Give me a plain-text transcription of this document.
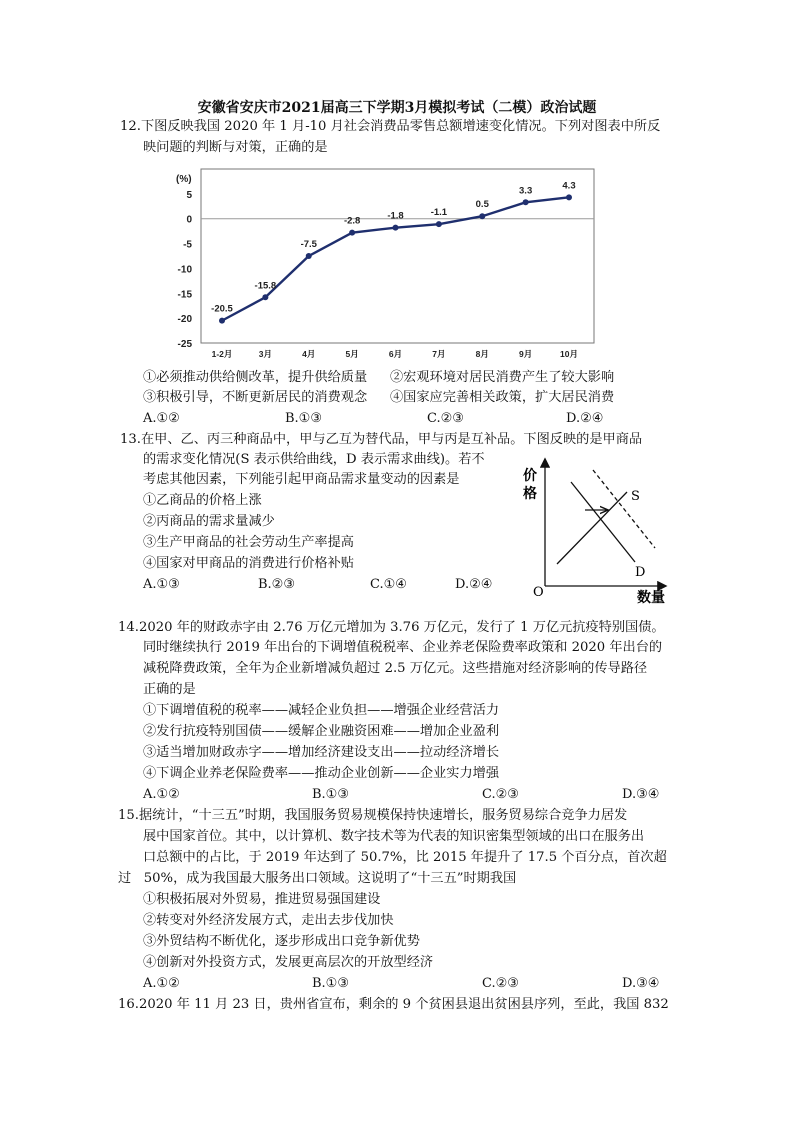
安徽省安庆市2021届高三下学期3月模拟考试（二模）政治试题
12.下图反映我国 2020 年 1 月-10 月社会消费品零售总额增速变化情况。下列对图表中所反
映问题的判断与对策，正确的是
(%)
5
0
-5
-10
-15
-20
-25
1-2月	3月	4月	5月	6月	7月	8月	9月	10月
-20.5
-15.8
-7.5
-2.8	-1.8	-1.1
0.5
3.3	4.3
①必须推动供给侧改革，提升供给质量 ②宏观环境对居民消费产生了较大影响
③积极引导，不断更新居民的消费观念 ④国家应完善相关政策，扩大居民消费
A.①②	B.①③	C.②③	D.②④
13.在甲、乙、丙三种商品中，甲与乙互为替代品，甲与丙是互补品。下图反映的是甲商品
的需求变化情况(S 表示供给曲线，D 表示需求曲线)。若不
考虑其他因素，下列能引起甲商品需求量变动的因素是
①乙商品的价格上涨
②丙商品的需求量减少
③生产甲商品的社会劳动生产率提高
④国家对甲商品的消费进行价格补贴
A.①③	B.②③	C.①④	D.②④
价
格
O	数量
S
D
14.2020 年的财政赤字由 2.76 万亿元增加为 3.76 万亿元，发行了 1 万亿元抗疫特别国债。
同时继续执行 2019 年出台的下调增值税税率、企业养老保险费率政策和 2020 年出台的
减税降费政策，全年为企业新增减负超过 2.5 万亿元。这些措施对经济影响的传导路径
正确的是
①下调增值税的税率——减轻企业负担——增强企业经营活力
②发行抗疫特别国债——缓解企业融资困难——增加企业盈利
③适当增加财政赤字——增加经济建设支出——拉动经济增长
④下调企业养老保险费率——推动企业创新——企业实力增强
A.①②	B.①③	C.②③	D.③④
15.据统计，“十三五”时期，我国服务贸易规模保持快速增长，服务贸易综合竞争力居发
展中国家首位。其中，以计算机、数字技术等为代表的知识密集型领域的出口在服务出
口总额中的占比，于 2019 年达到了 50.7%，比 2015 年提升了 17.5 个百分点，首次超
过   50%，成为我国最大服务出口领域。这说明了“十三五”时期我国
①积极拓展对外贸易，推进贸易强国建设
②转变对外经济发展方式，走出去步伐加快
③外贸结构不断优化，逐步形成出口竞争新优势
④创新对外投资方式，发展更高层次的开放型经济
A.①②	B.①③	C.②③	D.③④
16.2020 年 11 月 23 日，贵州省宣布，剩余的 9 个贫困县退出贫困县序列，至此，我国 832
